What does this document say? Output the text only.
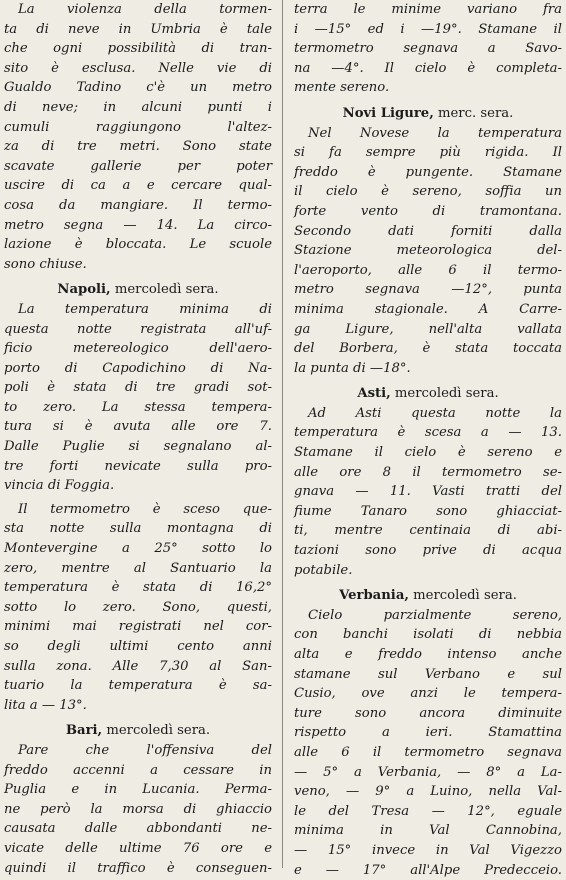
La violenza della tormen-
ta di neve in Umbria è tale
che ogni possibilità di tran-
sito è esclusa. Nelle vie di
Gualdo Tadino c'è un metro
di neve; in alcuni punti i
cumuli raggiungono l'altez-
za di tre metri. Sono state
scavate gallerie per poter
uscire di ca a e cercare qual-
cosa da mangiare. Il termo-
metro segna — 14. La circo-
lazione è bloccata. Le scuole
sono chiuse.
Napoli, mercoledì sera.
La temperatura minima di
questa notte registrata all'uf-
ficio metereologico dell'aero-
porto di Capodichino di Na-
poli è stata di tre gradi sot-
to zero. La stessa tempera-
tura si è avuta alle ore 7.
Dalle Puglie si segnalano al-
tre forti nevicate sulla pro-
vincia di Foggia.
Il termometro è sceso que-
sta notte sulla montagna di
Montevergine a 25° sotto lo
zero, mentre al Santuario la
temperatura è stata di 16,2°
sotto lo zero. Sono, questi,
minimi mai registrati nel cor-
so degli ultimi cento anni
sulla zona. Alle 7,30 al San-
tuario la temperatura è sa-
lita a — 13°.
Bari, mercoledì sera.
Pare che l'offensiva del
freddo accenni a cessare in
Puglia e in Lucania. Perma-
ne però la morsa di ghiaccio
causata dalle abbondanti ne-
vicate delle ultime 76 ore e
quindi il traffico è conseguen-
terra le minime variano fra
i —15° ed i —19°. Stamane il
termometro segnava a Savo-
na —4°. Il cielo è completa-
mente sereno.
Novi Ligure, merc. sera.
Nel Novese la temperatura
si fa sempre più rigida. Il
freddo è pungente. Stamane
il cielo è sereno, soffia un
forte vento di tramontana.
Secondo dati forniti dalla
Stazione meteorologica del-
l'aeroporto, alle 6 il termo-
metro segnava —12°, punta
minima stagionale. A Carre-
ga Ligure, nell'alta vallata
del Borbera, è stata toccata
la punta di —18°.
Asti, mercoledì sera.
Ad Asti questa notte la
temperatura è scesa a — 13.
Stamane il cielo è sereno e
alle ore 8 il termometro se-
gnava — 11. Vasti tratti del
fiume Tanaro sono ghiacciat-
ti, mentre centinaia di abi-
tazioni sono prive di acqua
potabile.
Verbania, mercoledì sera.
Cielo parzialmente sereno,
con banchi isolati di nebbia
alta e freddo intenso anche
stamane sul Verbano e sul
Cusio, ove anzi le tempera-
ture sono ancora diminuite
rispetto a ieri. Stamattina
alle 6 il termometro segnava
— 5° a Verbania, — 8° a La-
veno, — 9° a Luino, nella Val-
le del Tresa — 12°, eguale
minima in Val Cannobina,
— 15° invece in Val Vigezzo
e — 17° all'Alpe Predecceio.
